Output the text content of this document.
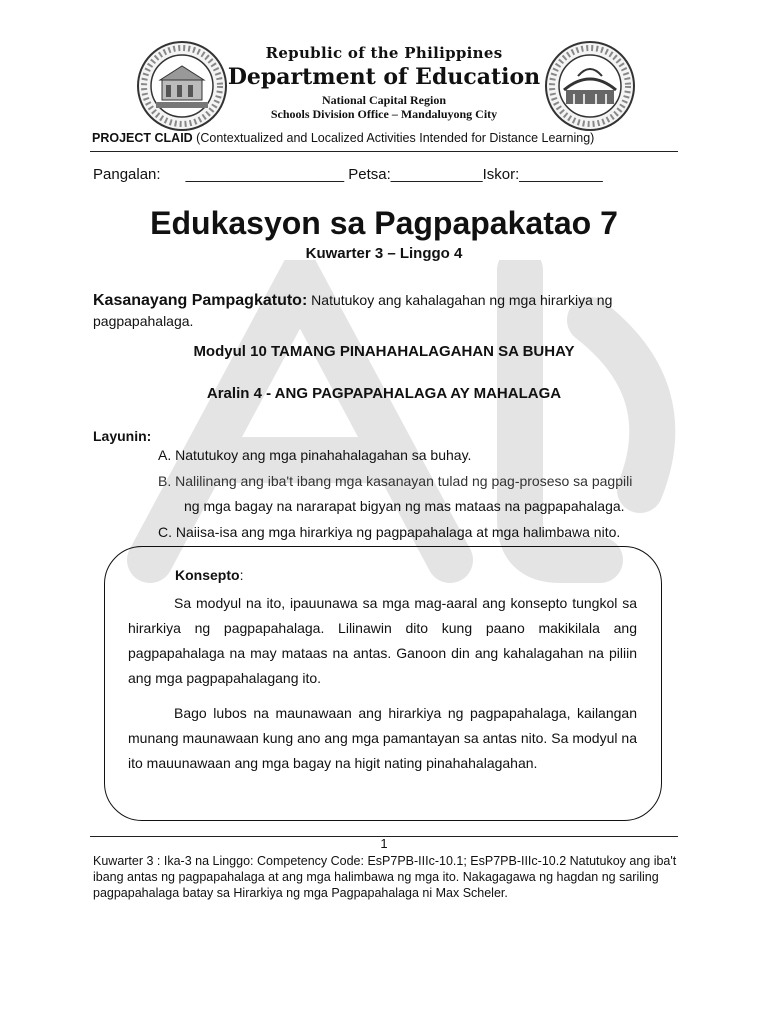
Republic of the Philippines
Department of Education
National Capital Region
Schools Division Office – Mandaluyong City
PROJECT CLAID (Contextualized and Localized Activities Intended for Distance Learning)
Pangalan: ___________________ Petsa:___________Iskor:__________
Edukasyon sa Pagpapakatao 7
Kuwarter 3 – Linggo 4
Kasanayang Pampagkatuto: Natutukoy ang kahalagahan ng mga hirarkiya ng pagpapahalaga.
Modyul 10 TAMANG PINAHAHALAGAHAN SA BUHAY
Aralin 4 - ANG PAGPAPAHALAGA AY MAHALAGA
Layunin:
A. Natutukoy ang mga pinahahalagahan sa buhay.
B. Nalilinang ang iba't ibang mga kasanayan tulad ng pag-proseso sa pagpili
ng mga bagay na nararapat bigyan ng mas mataas na pagpapahalaga.
C. Naiisa-isa ang mga hirarkiya ng pagpapahalaga at mga halimbawa nito.
Konsepto:
Sa modyul na ito, ipauunawa sa mga mag-aaral ang konsepto tungkol sa hirarkiya ng pagpapahalaga. Lilinawin dito kung paano makikilala ang pagpapahalaga na may mataas na antas. Ganoon din ang kahalagahan na piliin ang mga pagpapahalagang ito.
Bago lubos na maunawaan ang hirarkiya ng pagpapahalaga, kailangan munang maunawaan kung ano ang mga pamantayan sa antas nito. Sa modyul na ito mauunawaan ang mga bagay na higit nating pinahahalagahan.
1
Kuwarter 3 : Ika-3 na Linggo: Competency Code: EsP7PB-IIIc-10.1; EsP7PB-IIIc-10.2 Natutukoy ang iba't ibang antas ng pagpapahalaga at ang mga halimbawa ng mga ito. Nakagagawa ng hagdan ng sariling pagpapahalaga batay sa Hirarkiya ng mga Pagpapahalaga ni Max Scheler.
